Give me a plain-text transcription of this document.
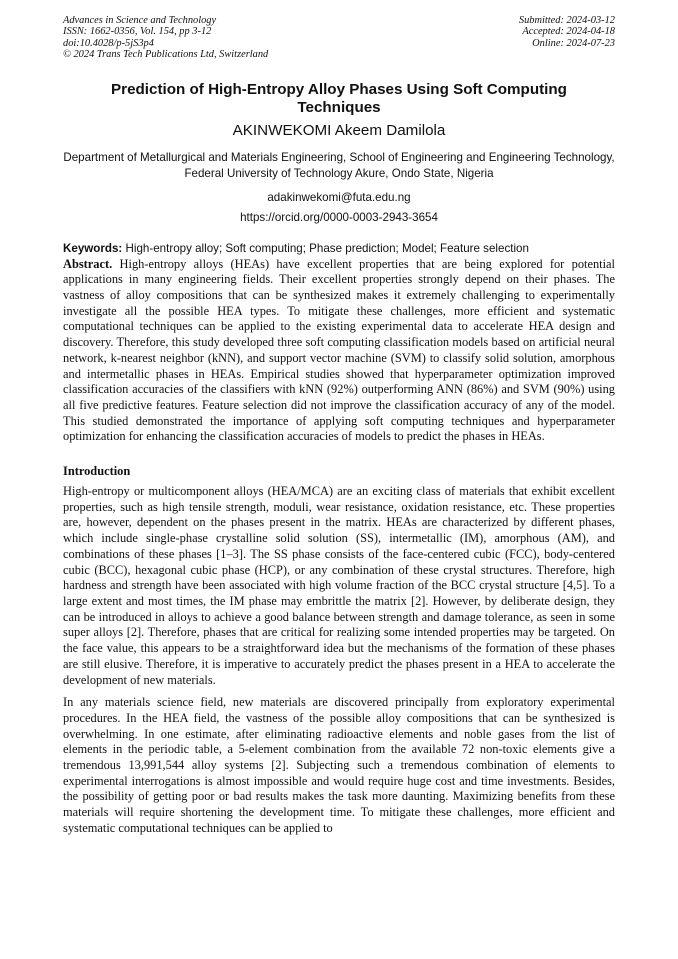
Advances in Science and Technology
ISSN: 1662-0356, Vol. 154, pp 3-12
doi:10.4028/p-5jS3p4
© 2024 Trans Tech Publications Ltd, Switzerland
Submitted: 2024-03-12
Accepted: 2024-04-18
Online: 2024-07-23
Prediction of High-Entropy Alloy Phases Using Soft Computing Techniques
AKINWEKOMI Akeem Damilola
Department of Metallurgical and Materials Engineering, School of Engineering and Engineering Technology, Federal University of Technology Akure, Ondo State, Nigeria
adakinwekomi@futa.edu.ng
https://orcid.org/0000-0003-2943-3654
Keywords: High-entropy alloy; Soft computing; Phase prediction; Model; Feature selection

Abstract. High-entropy alloys (HEAs) have excellent properties that are being explored for potential applications in many engineering fields. Their excellent properties strongly depend on their phases. The vastness of alloy compositions that can be synthesized makes it extremely challenging to experimentally investigate all the possible HEA types. To mitigate these challenges, more efficient and systematic computational techniques can be applied to the existing experimental data to accelerate HEA design and discovery. Therefore, this study developed three soft computing classification models based on artificial neural network, k-nearest neighbor (kNN), and support vector machine (SVM) to classify solid solution, amorphous and intermetallic phases in HEAs. Empirical studies showed that hyperparameter optimization improved classification accuracies of the classifiers with kNN (92%) outperforming ANN (86%) and SVM (90%) using all five predictive features. Feature selection did not improve the classification accuracy of any of the model. This studied demonstrated the importance of applying soft computing techniques and hyperparameter optimization for enhancing the classification accuracies of models to predict the phases in HEAs.

Introduction

High-entropy or multicomponent alloys (HEA/MCA) are an exciting class of materials that exhibit excellent properties, such as high tensile strength, moduli, wear resistance, oxidation resistance, etc. These properties are, however, dependent on the phases present in the matrix. HEAs are characterized by different phases, which include single-phase crystalline solid solution (SS), intermetallic (IM), amorphous (AM), and combinations of these phases [1–3]. The SS phase consists of the face-centered cubic (FCC), body-centered cubic (BCC), hexagonal cubic phase (HCP), or any combination of these crystal structures. Therefore, high hardness and strength have been associated with high volume fraction of the BCC crystal structure [4,5]. To a large extent and most times, the IM phase may embrittle the matrix [2]. However, by deliberate design, they can be introduced in alloys to achieve a good balance between strength and damage tolerance, as seen in some super alloys [2]. Therefore, phases that are critical for realizing some intended properties may be targeted. On the face value, this appears to be a straightforward idea but the mechanisms of the formation of these phases are still elusive. Therefore, it is imperative to accurately predict the phases present in a HEA to accelerate the development of new materials.

In any materials science field, new materials are discovered principally from exploratory experimental procedures. In the HEA field, the vastness of the possible alloy compositions that can be synthesized is overwhelming. In one estimate, after eliminating radioactive elements and noble gases from the list of elements in the periodic table, a 5-element combination from the available 72 non-toxic elements give a tremendous 13,991,544 alloy systems [2]. Subjecting such a tremendous combination of elements to experimental interrogations is almost impossible and would require huge cost and time investments. Besides, the possibility of getting poor or bad results makes the task more daunting. Maximizing benefits from these materials will require shortening the development time. To mitigate these challenges, more efficient and systematic computational techniques can be applied to
